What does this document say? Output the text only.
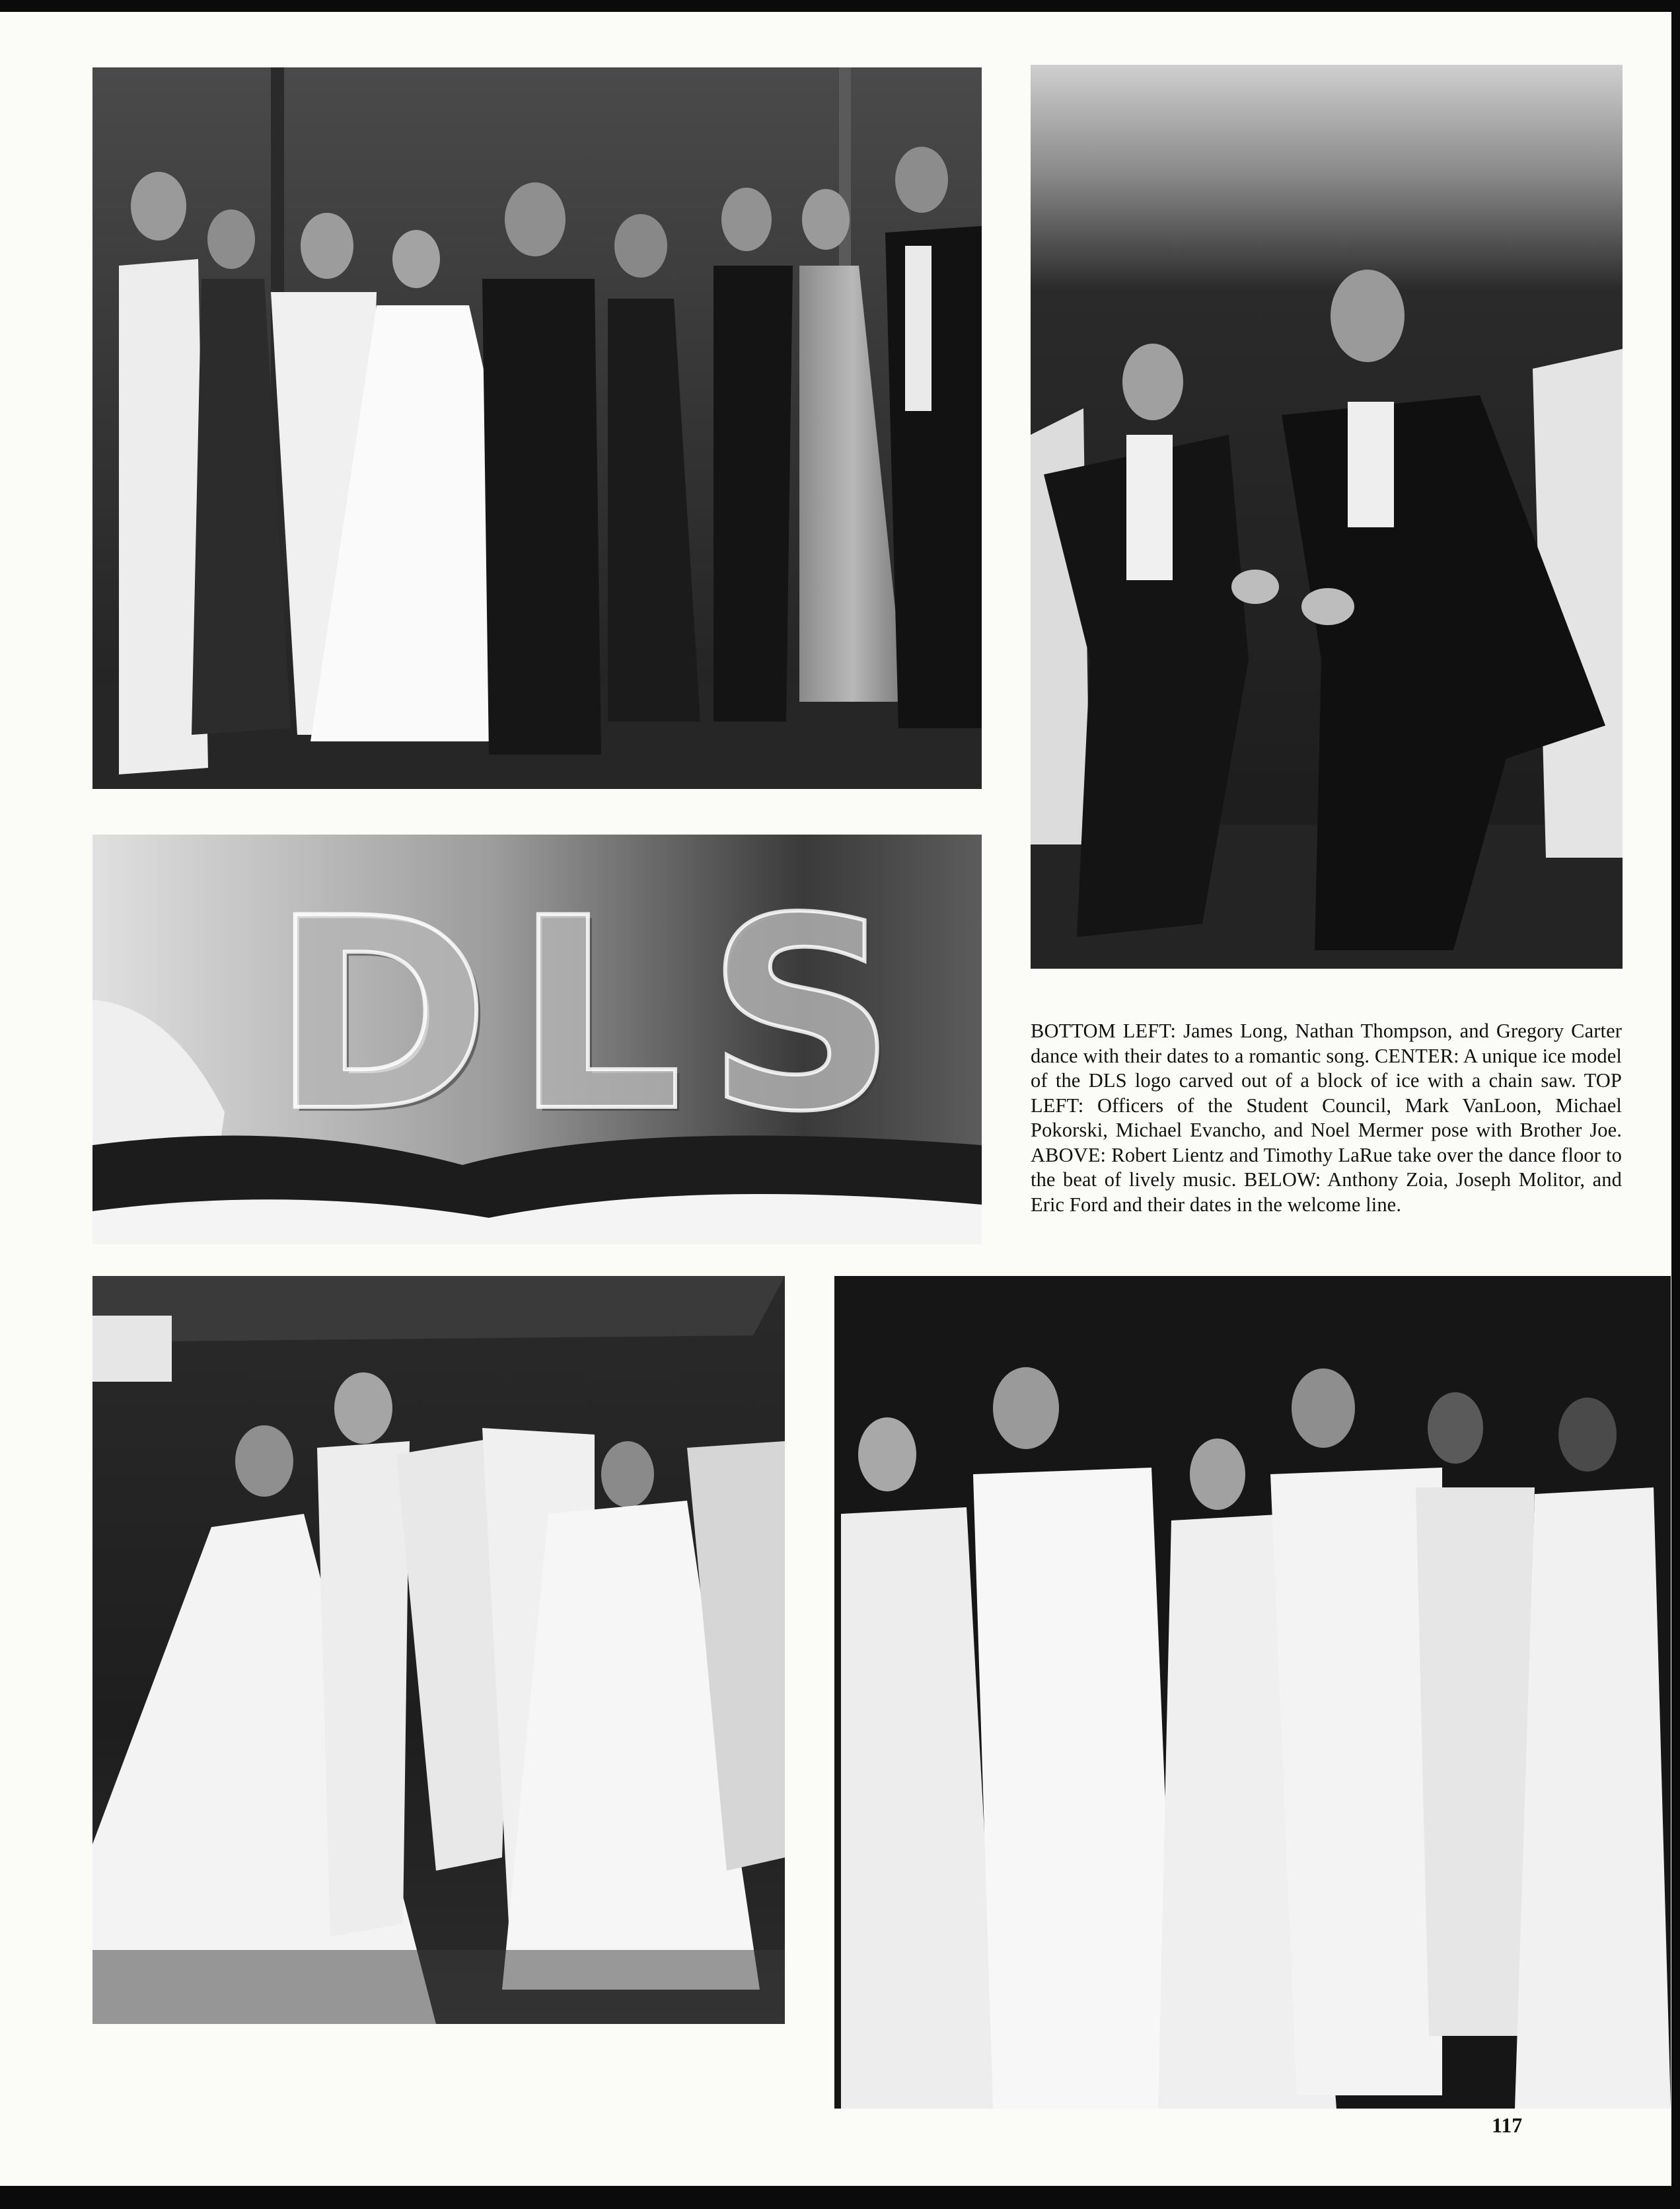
DLS	BOTTOM LEFT: James Long, Nathan Thompson, and Gregory Carter dance with their dates to a romantic song. CENTER: A unique ice model of the DLS logo carved out of a block of ice with a chain saw. TOP LEFT: Officers of the Student Council, Mark VanLoon, Michael Pokorski, Michael Evancho, and Noel Mermer pose with Brother Joe. ABOVE: Robert Lientz and Timothy LaRue take over the dance floor to the beat of lively music. BELOW: Anthony Zoia, Joseph Molitor, and Eric Ford and their dates in the welcome line.
117
